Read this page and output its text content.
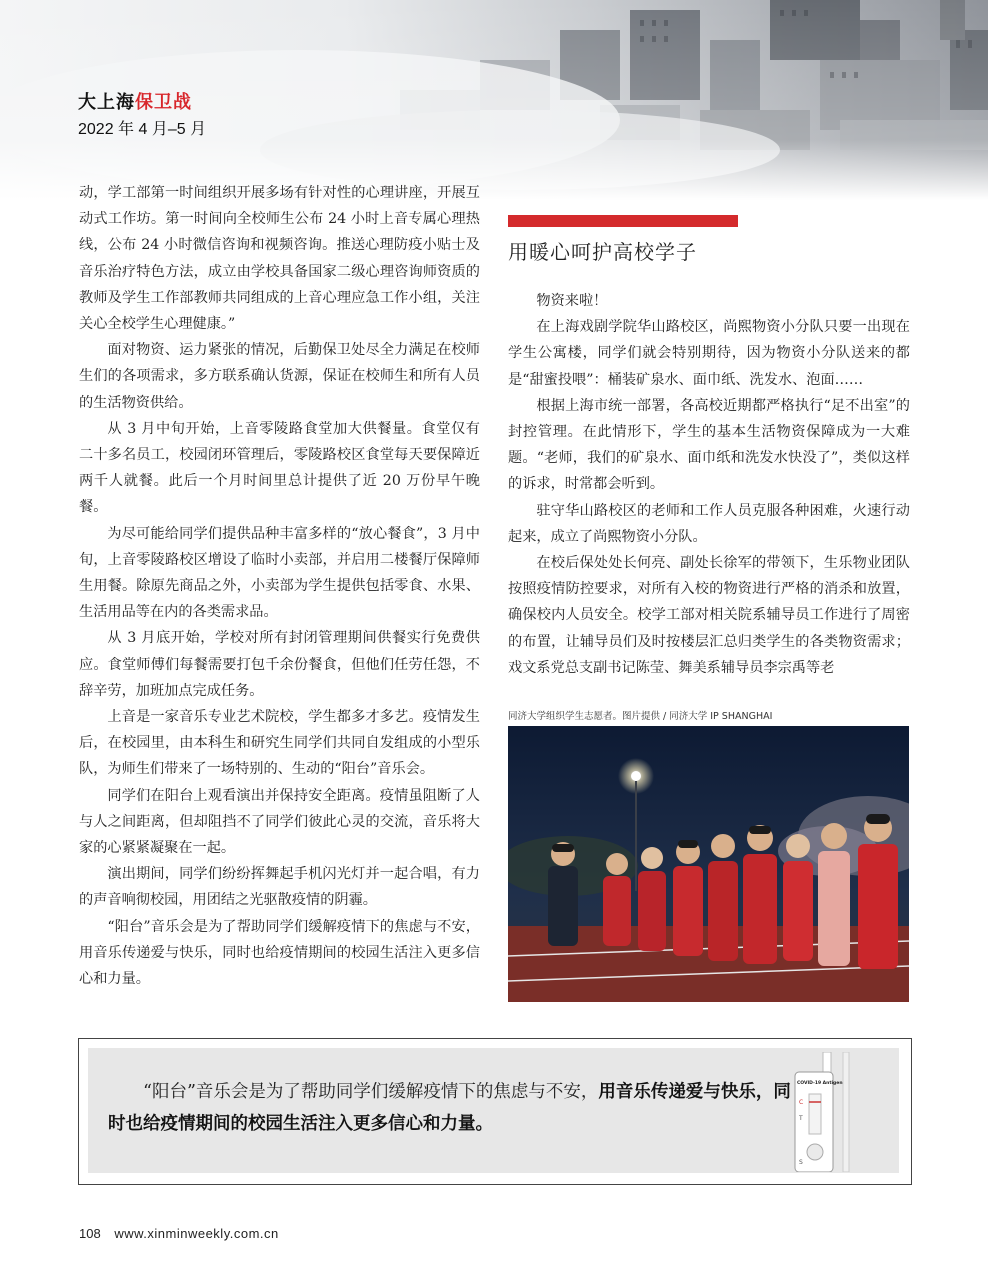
大上海保卫战
2022 年 4 月–5 月

动，学工部第一时间组织开展多场有针对性的心理讲座，开展互动式工作坊。第一时间向全校师生公布 24 小时上音专属心理热线，公布 24 小时微信咨询和视频咨询。推送心理防疫小贴士及音乐治疗特色方法，成立由学校具备国家二级心理咨询师资质的教师及学生工作部教师共同组成的上音心理应急工作小组，关注关心全校学生心理健康。”

面对物资、运力紧张的情况，后勤保卫处尽全力满足在校师生们的各项需求，多方联系确认货源，保证在校师生和所有人员的生活物资供给。

从 3 月中旬开始，上音零陵路食堂加大供餐量。食堂仅有二十多名员工，校园闭环管理后，零陵路校区食堂每天要保障近两千人就餐。此后一个月时间里总计提供了近 20 万份早午晚餐。

为尽可能给同学们提供品种丰富多样的“放心餐食”，3 月中旬，上音零陵路校区增设了临时小卖部，并启用二楼餐厅保障师生用餐。除原先商品之外，小卖部为学生提供包括零食、水果、生活用品等在内的各类需求品。

从 3 月底开始，学校对所有封闭管理期间供餐实行免费供应。食堂师傅们每餐需要打包千余份餐食，但他们任劳任怨，不辞辛劳，加班加点完成任务。

上音是一家音乐专业艺术院校，学生都多才多艺。疫情发生后，在校园里，由本科生和研究生同学们共同自发组成的小型乐队，为师生们带来了一场特别的、生动的“阳台”音乐会。

同学们在阳台上观看演出并保持安全距离。疫情虽阻断了人与人之间距离，但却阻挡不了同学们彼此心灵的交流，音乐将大家的心紧紧凝聚在一起。

演出期间，同学们纷纷挥舞起手机闪光灯并一起合唱，有力的声音响彻校园，用团结之光驱散疫情的阴霾。

“阳台”音乐会是为了帮助同学们缓解疫情下的焦虑与不安，用音乐传递爱与快乐，同时也给疫情期间的校园生活注入更多信心和力量。

用暖心呵护高校学子

物资来啦！

在上海戏剧学院华山路校区，尚熙物资小分队只要一出现在学生公寓楼，同学们就会特别期待，因为物资小分队送来的都是“甜蜜投喂”：桶装矿泉水、面巾纸、洗发水、泡面……

根据上海市统一部署，各高校近期都严格执行“足不出室”的封控管理。在此情形下，学生的基本生活物资保障成为一大难题。“老师，我们的矿泉水、面巾纸和洗发水快没了”，类似这样的诉求，时常都会听到。

驻守华山路校区的老师和工作人员克服各种困难，火速行动起来，成立了尚熙物资小分队。

在校后保处处长何亮、副处长徐军的带领下，生乐物业团队按照疫情防控要求，对所有入校的物资进行严格的消杀和放置，确保校内人员安全。校学工部对相关院系辅导员工作进行了周密的布置，让辅导员们及时按楼层汇总归类学生的各类物资需求；戏文系党总支副书记陈莹、舞美系辅导员李宗禹等老

同济大学组织学生志愿者。图片提供 / 同济大学 IP SHANGHAI
“阳台”音乐会是为了帮助同学们缓解疫情下的焦虑与不安，用音乐传递爱与快乐，同时也给疫情期间的校园生活注入更多信心和力量。
COVID-19 Antigen
C
T
S
108 www.xinminweekly.com.cn
